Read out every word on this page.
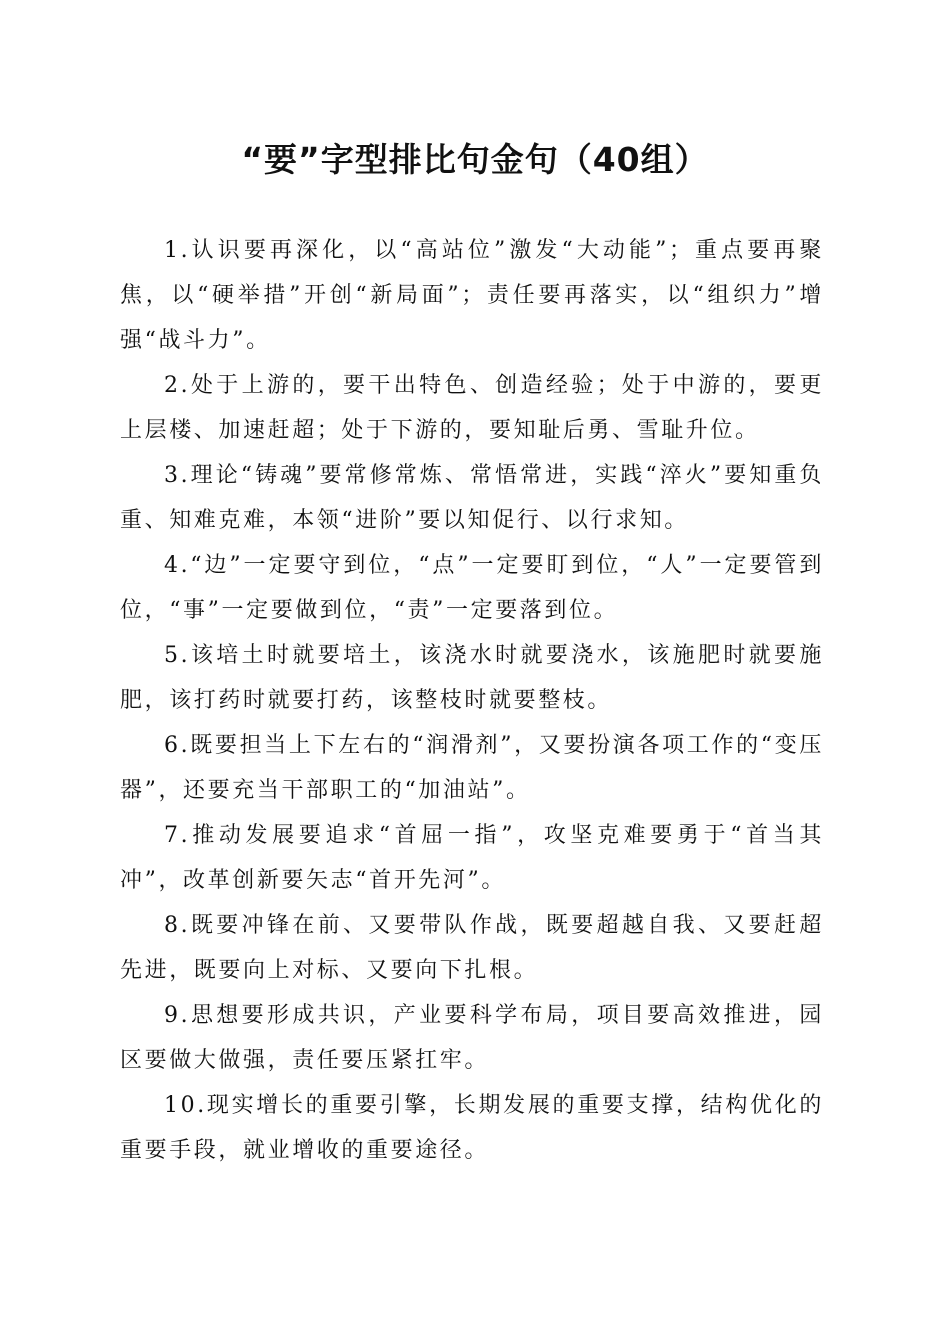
“要”字型排比句金句（40组）

1.认识要再深化，以“高站位”激发“大动能”；重点要再聚焦，以“硬举措”开创“新局面”；责任要再落实，以“组织力”增强“战斗力”。

2.处于上游的，要干出特色、创造经验；处于中游的，要更上层楼、加速赶超；处于下游的，要知耻后勇、雪耻升位。

3.理论“铸魂”要常修常炼、常悟常进，实践“淬火”要知重负重、知难克难，本领“进阶”要以知促行、以行求知。

4.“边”一定要守到位，“点”一定要盯到位，“人”一定要管到位，“事”一定要做到位，“责”一定要落到位。

5.该培土时就要培土，该浇水时就要浇水，该施肥时就要施肥，该打药时就要打药，该整枝时就要整枝。

6.既要担当上下左右的“润滑剂”，又要扮演各项工作的“变压器”，还要充当干部职工的“加油站”。

7.推动发展要追求“首屈一指”，攻坚克难要勇于“首当其冲”，改革创新要矢志“首开先河”。

8.既要冲锋在前、又要带队作战，既要超越自我、又要赶超先进，既要向上对标、又要向下扎根。

9.思想要形成共识，产业要科学布局，项目要高效推进，园区要做大做强，责任要压紧扛牢。

10.现实增长的重要引擎，长期发展的重要支撑，结构优化的重要手段，就业增收的重要途径。
